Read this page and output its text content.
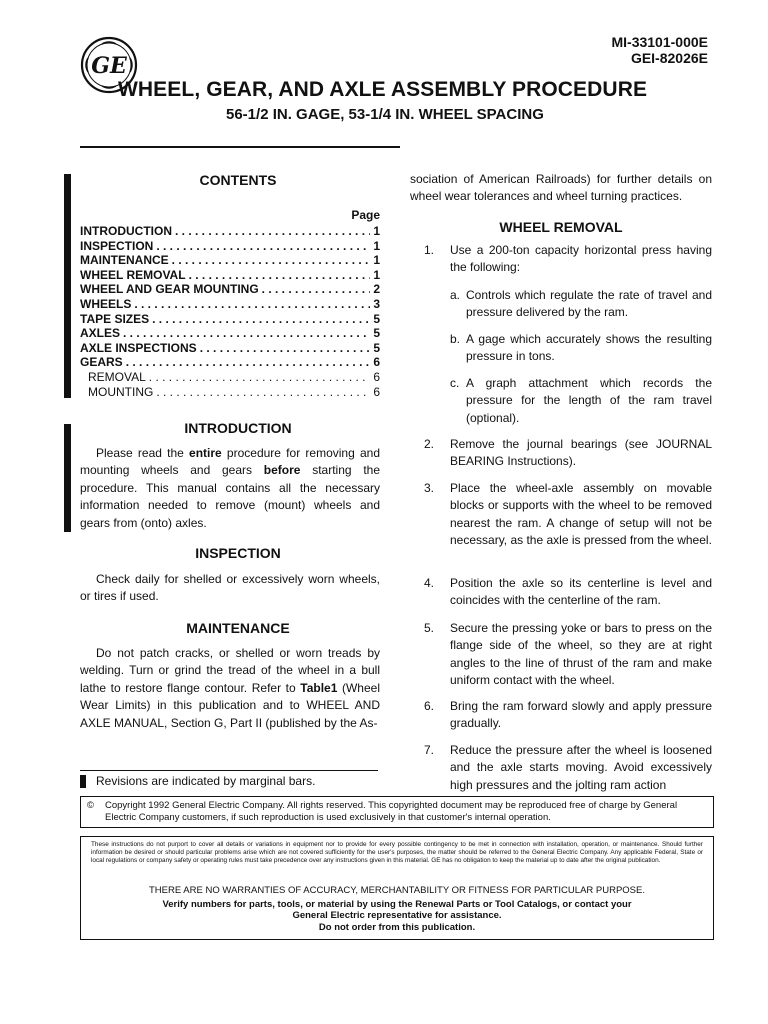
GE
MI-33101-000E
GEI-82026E
WHEEL, GEAR, AND AXLE ASSEMBLY PROCEDURE
56-1/2 IN. GAGE, 53-1/4 IN. WHEEL SPACING
CONTENTS
Page
INTRODUCTION . . .	1
INSPECTION . . .	1
MAINTENANCE . . .	1
WHEEL REMOVAL . . .	1
WHEEL AND GEAR MOUNTING . . .	2
WHEELS . . .	3
TAPE SIZES . . .	5
AXLES . . .	5
AXLE INSPECTIONS . . .	5
GEARS . . .	6
REMOVAL . . .	6
MOUNTING . . .	6
INTRODUCTION
Please read the entire procedure for removing and mounting wheels and gears before starting the procedure. This manual contains all the necessary information needed to remove (mount) wheels and gears from (onto) axles.
INSPECTION
Check daily for shelled or excessively worn wheels, or tires if used.
MAINTENANCE
Do not patch cracks, or shelled or worn treads by welding. Turn or grind the tread of the wheel in a bull lathe to restore flange contour. Refer to Table1 (Wheel Wear Limits) in this publication and to WHEEL AND AXLE MANUAL, Section G, Part II (published by the As-
sociation of American Railroads) for further details on wheel wear tolerances and wheel turning practices.
WHEEL REMOVAL
1.	Use a 200-ton capacity horizontal press having the following:
a. Controls which regulate the rate of travel and pressure delivered by the ram.
b. A gage which accurately shows the resulting pressure in tons.
c. A graph attachment which records the pressure for the length of the ram travel (optional).
2.	Remove the journal bearings (see JOURNAL BEARING Instructions).
3.	Place the wheel-axle assembly on movable blocks or supports with the wheel to be removed nearest the ram. A change of setup will not be necessary, as the axle is pressed from the wheel.
4.	Position the axle so its centerline is level and coincides with the centerline of the ram.
5.	Secure the pressing yoke or bars to press on the flange side of the wheel, so they are at right angles to the line of thrust of the ram and make uniform contact with the wheel.
6.	Bring the ram forward slowly and apply pressure gradually.
7.	Reduce the pressure after the wheel is loosened and the axle starts moving. Avoid excessively high pressures and the jolting ram action
Revisions are indicated by marginal bars.
© Copyright 1992 General Electric Company. All rights reserved. This copyrighted document may be reproduced free of charge by General Electric Company customers, if such reproduction is used exclusively in that customer's internal operation.
These instructions do not purport to cover all details or variations in equipment nor to provide for every possible contingency to be met in connection with installation, operation, or maintenance. Should further information be desired or should particular problems arise which are not covered sufficiently for the user's purposes, the matter should be referred to the General Electric Company. Any applicable Federal, State or local regulations or company safety or operating rules must take precedence over any instructions given in this material. GE has no obligation to keep the material up to date after the original publication.
THERE ARE NO WARRANTIES OF ACCURACY, MERCHANTABILITY OR FITNESS FOR PARTICULAR PURPOSE.
Verify numbers for parts, tools, or material by using the Renewal Parts or Tool Catalogs, or contact your
General Electric representative for assistance.
Do not order from this publication.
